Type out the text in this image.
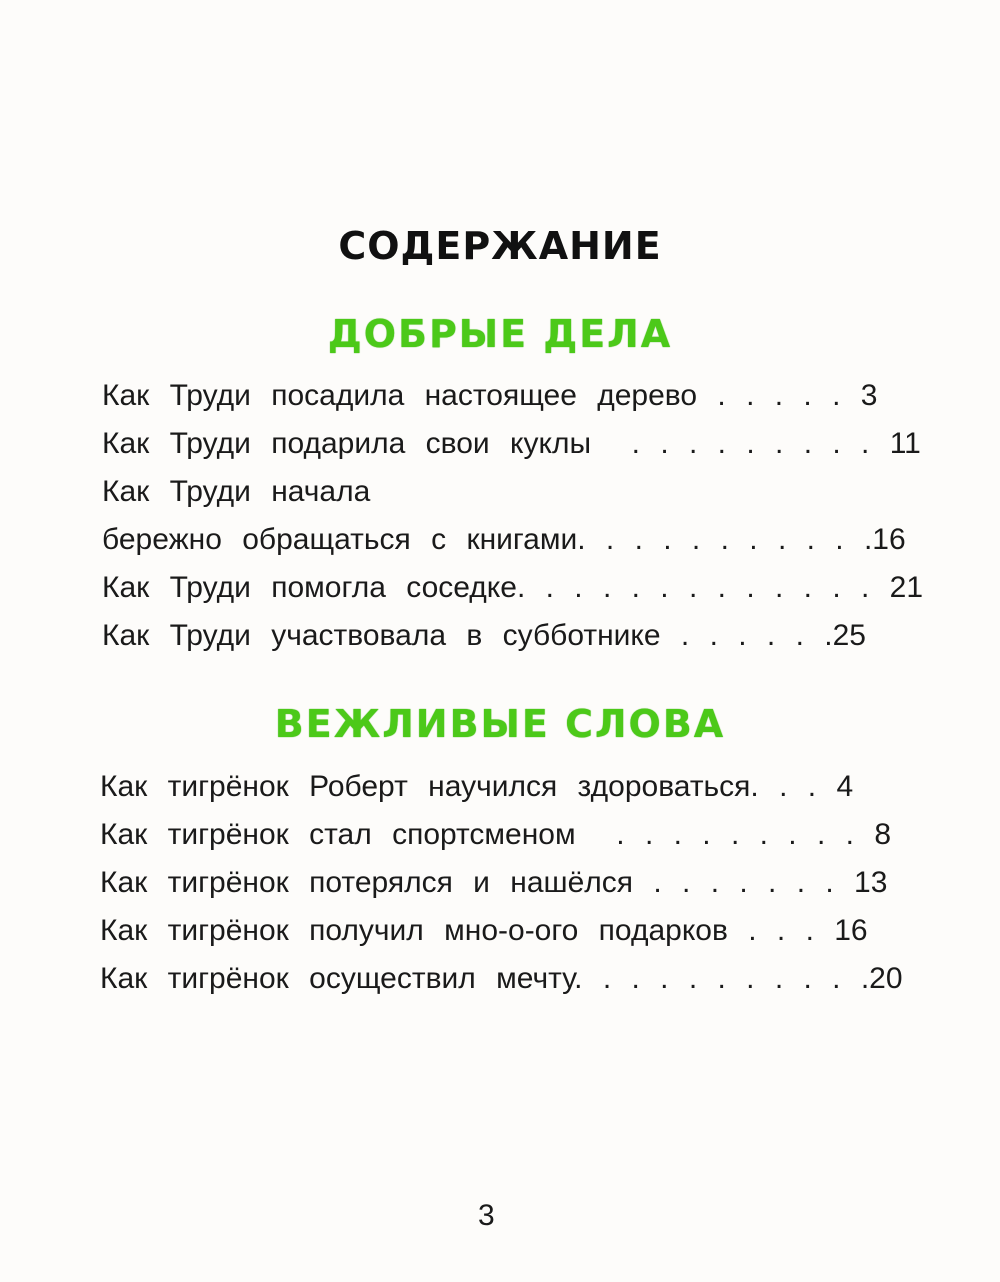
СОДЕРЖАНИЕ
ДОБРЫЕ ДЕЛА
Как Труди посадила настоящее дерево . . . . . 3
Как Труди подарила свои куклы  . . . . . . . . . 11
Как Труди начала
бережно обращаться с книгами. . . . . . . . . . .16
Как Труди помогла соседке. . . . . . . . . . . . . 21
Как Труди участвовала в субботнике . . . . . .25
ВЕЖЛИВЫЕ СЛОВА
Как тигрёнок Роберт научился здороваться. . . 4
Как тигрёнок стал спортсменом  . . . . . . . . . 8
Как тигрёнок потерялся и нашёлся . . . . . . . 13
Как тигрёнок получил мно-о-ого подарков . . . 16
Как тигрёнок осуществил мечту. . . . . . . . . . .20
3
